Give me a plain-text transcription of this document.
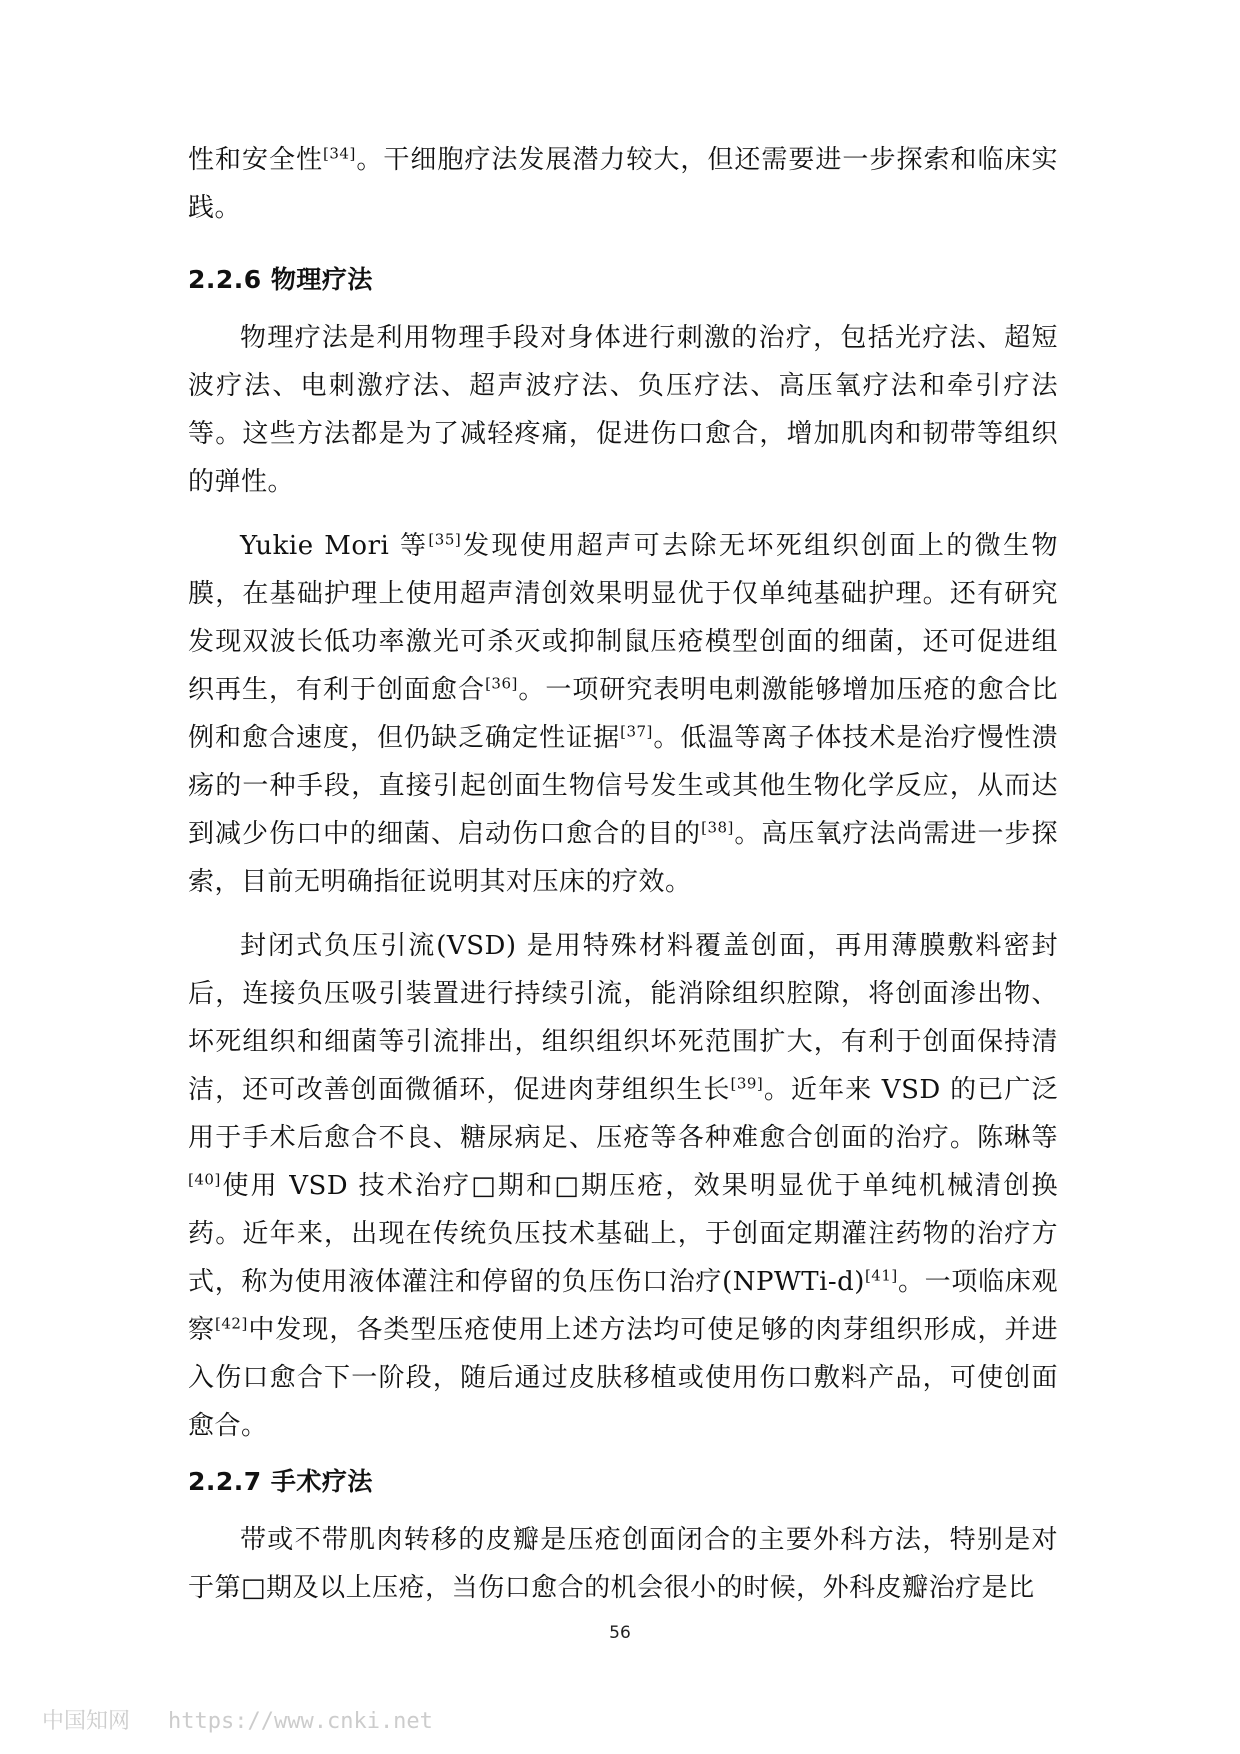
性和安全性[34]。干细胞疗法发展潜力较大，但还需要进一步探索和临床实践。

2.2.6 物理疗法

物理疗法是利用物理手段对身体进行刺激的治疗，包括光疗法、超短波疗法、电刺激疗法、超声波疗法、负压疗法、高压氧疗法和牵引疗法等。这些方法都是为了减轻疼痛，促进伤口愈合，增加肌肉和韧带等组织的弹性。

Yukie Mori 等[35]发现使用超声可去除无坏死组织创面上的微生物膜，在基础护理上使用超声清创效果明显优于仅单纯基础护理。还有研究发现双波长低功率激光可杀灭或抑制鼠压疮模型创面的细菌，还可促进组织再生，有利于创面愈合[36]。一项研究表明电刺激能够增加压疮的愈合比例和愈合速度，但仍缺乏确定性证据[37]。低温等离子体技术是治疗慢性溃疡的一种手段，直接引起创面生物信号发生或其他生物化学反应，从而达到减少伤口中的细菌、启动伤口愈合的目的[38]。高压氧疗法尚需进一步探索，目前无明确指征说明其对压床的疗效。

封闭式负压引流(VSD) 是用特殊材料覆盖创面，再用薄膜敷料密封后，连接负压吸引装置进行持续引流，能消除组织腔隙，将创面渗出物、坏死组织和细菌等引流排出，组织组织坏死范围扩大，有利于创面保持清洁，还可改善创面微循环，促进肉芽组织生长[39]。近年来 VSD 的已广泛用于手术后愈合不良、糖尿病足、压疮等各种难愈合创面的治疗。陈琳等[40]使用 VSD 技术治疗□期和□期压疮，效果明显优于单纯机械清创换药。近年来，出现在传统负压技术基础上，于创面定期灌注药物的治疗方式，称为使用液体灌注和停留的负压伤口治疗(NPWTi-d)[41]。一项临床观察[42]中发现，各类型压疮使用上述方法均可使足够的肉芽组织形成，并进入伤口愈合下一阶段，随后通过皮肤移植或使用伤口敷料产品，可使创面愈合。

2.2.7 手术疗法

带或不带肌肉转移的皮瓣是压疮创面闭合的主要外科方法，特别是对于第□期及以上压疮，当伤口愈合的机会很小的时候，外科皮瓣治疗是比

56
中国知网 https://www.cnki.net
